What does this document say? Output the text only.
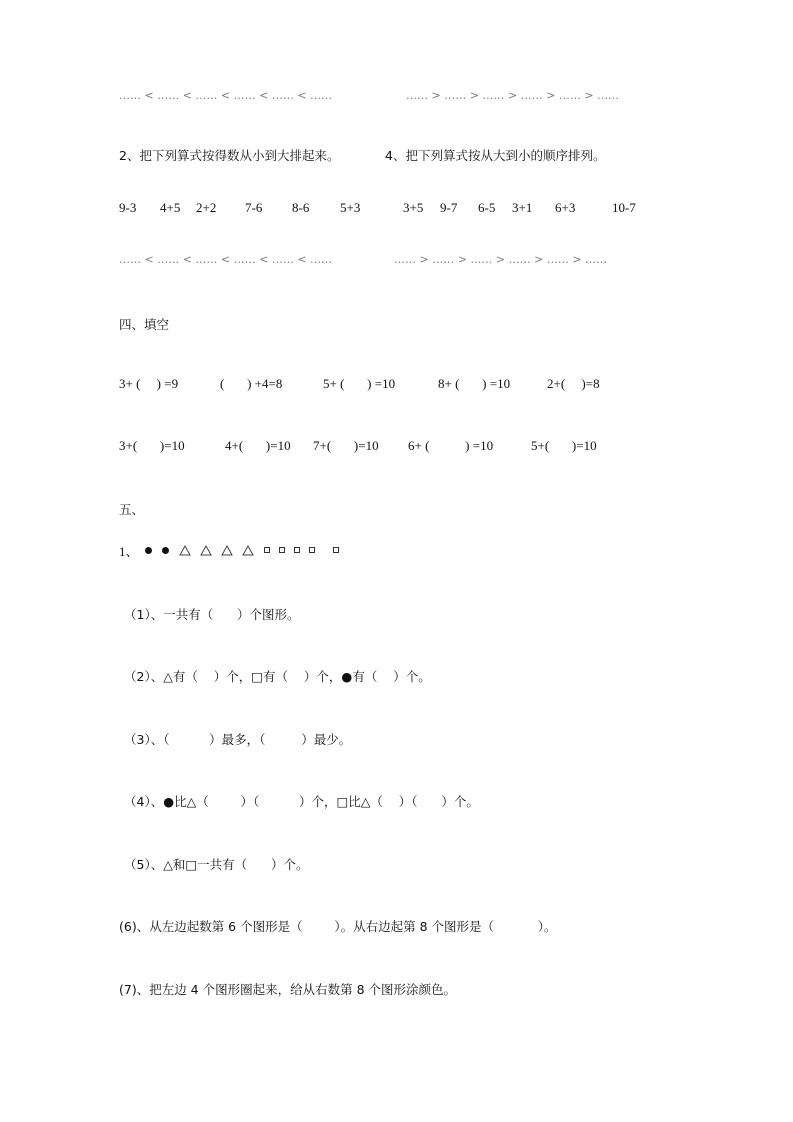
…… < …… < …… < …… < …… < ……	…… > …… > …… > …… > …… > ……
2、把下列算式按得数从小到大排起来。	4、把下列算式按从大到小的顺序排列。
9-3 4+5 2+2 7-6 8-6 5+3	3+5 9-7 6-5 3+1 6+3	10-7
…… < …… < …… < …… < …… < ……	…… > …… > …… > …… > …… > ……
四、填空
3+ (     ) =9	(       ) +4=8	5+ (       ) =10	8+ (       ) =10	2+(     )=8
3+(       )=10	4+(       )=10 7+(       )=10 6+ (           ) =10	5+(       )=10
五、
1、
（1）、一共有（      ）个图形。
（2）、△有（    ）个，□有（    ）个，●有（    ）个。
（3）、（          ）最多，（         ）最少。
（4）、●比△（        ）（          ）个，□比△（    ）（      ）个。
（5）、△和□一共有（      ）个。
(6)、从左边起数第 6 个图形是（        ）。从右边起第 8 个图形是（           ）。
(7)、把左边 4 个图形圈起来，给从右数第 8 个图形涂颜色。
